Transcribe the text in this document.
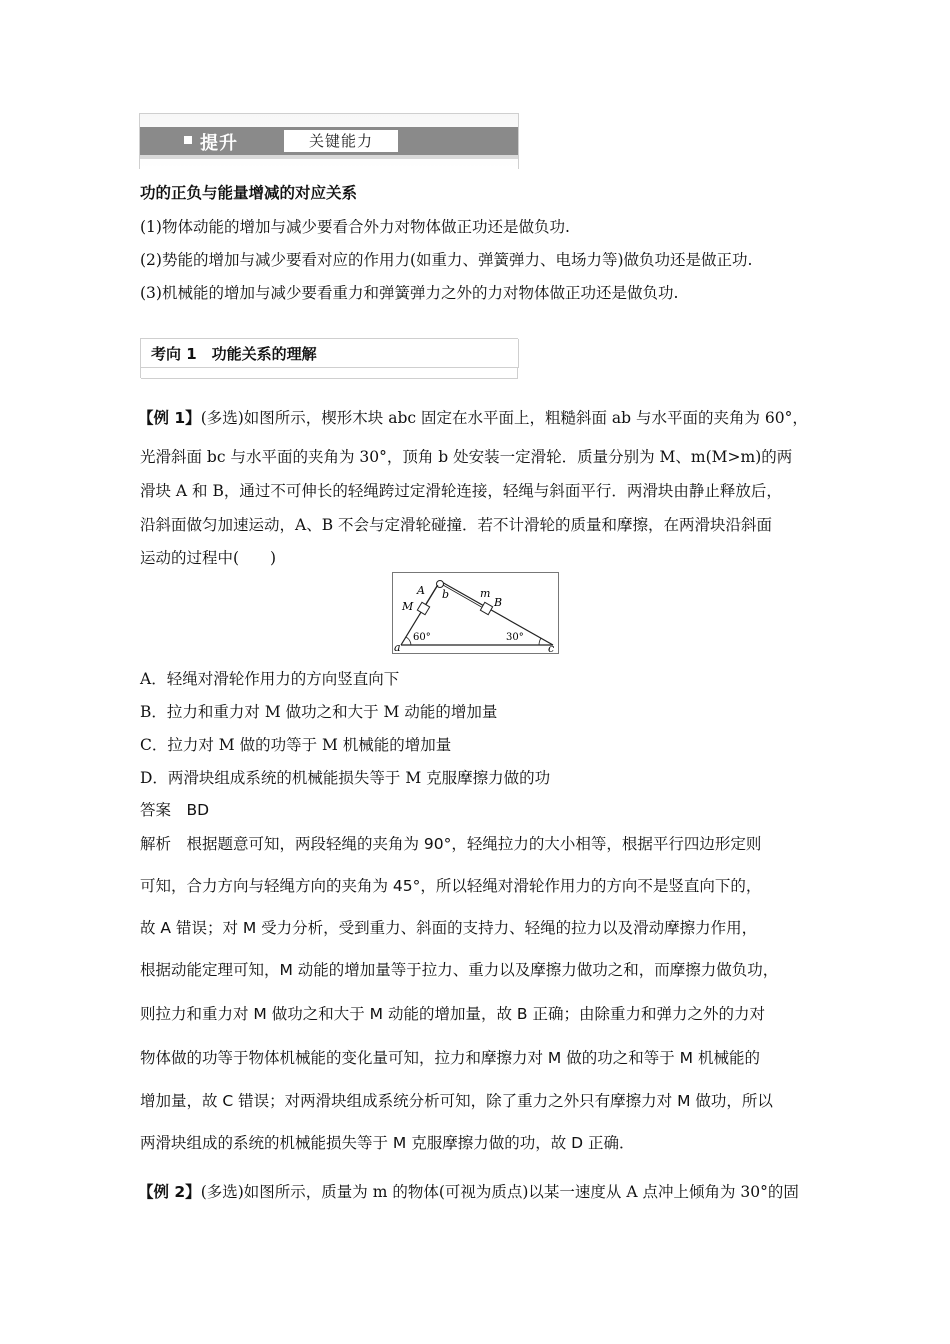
提升	关键能力
功的正负与能量增减的对应关系
(1)物体动能的增加与减少要看合外力对物体做正功还是做负功.
(2)势能的增加与减少要看对应的作用力(如重力、弹簧弹力、电场力等)做负功还是做正功.
(3)机械能的增加与减少要看重力和弹簧弹力之外的力对物体做正功还是做负功.
考向 1　功能关系的理解
【例 1】(多选)如图所示，楔形木块 abc 固定在水平面上，粗糙斜面 ab 与水平面的夹角为 60°，
光滑斜面 bc 与水平面的夹角为 30°，顶角 b 处安装一定滑轮．质量分别为 M、m(M>m)的两
滑块 A 和 B，通过不可伸长的轻绳跨过定滑轮连接，轻绳与斜面平行．两滑块由静止释放后，
沿斜面做匀加速运动，A、B 不会与定滑轮碰撞．若不计滑轮的质量和摩擦，在两滑块沿斜面
运动的过程中(　　)
A
M
b	m
B
a	c
60°	30°
A．轻绳对滑轮作用力的方向竖直向下
B．拉力和重力对 M 做功之和大于 M 动能的增加量
C．拉力对 M 做的功等于 M 机械能的增加量
D．两滑块组成系统的机械能损失等于 M 克服摩擦力做的功
答案　 BD
解析　根据题意可知，两段轻绳的夹角为 90°，轻绳拉力的大小相等，根据平行四边形定则
可知，合力方向与轻绳方向的夹角为 45°，所以轻绳对滑轮作用力的方向不是竖直向下的，
故 A 错误；对 M 受力分析，受到重力、斜面的支持力、轻绳的拉力以及滑动摩擦力作用，
根据动能定理可知，M 动能的增加量等于拉力、重力以及摩擦力做功之和，而摩擦力做负功，
则拉力和重力对 M 做功之和大于 M 动能的增加量，故 B 正确；由除重力和弹力之外的力对
物体做的功等于物体机械能的变化量可知，拉力和摩擦力对 M 做的功之和等于 M 机械能的
增加量，故 C 错误；对两滑块组成系统分析可知，除了重力之外只有摩擦力对 M 做功，所以
两滑块组成的系统的机械能损失等于 M 克服摩擦力做的功，故 D 正确．
【例 2】(多选)如图所示，质量为 m 的物体(可视为质点)以某一速度从 A 点冲上倾角为 30°的固
